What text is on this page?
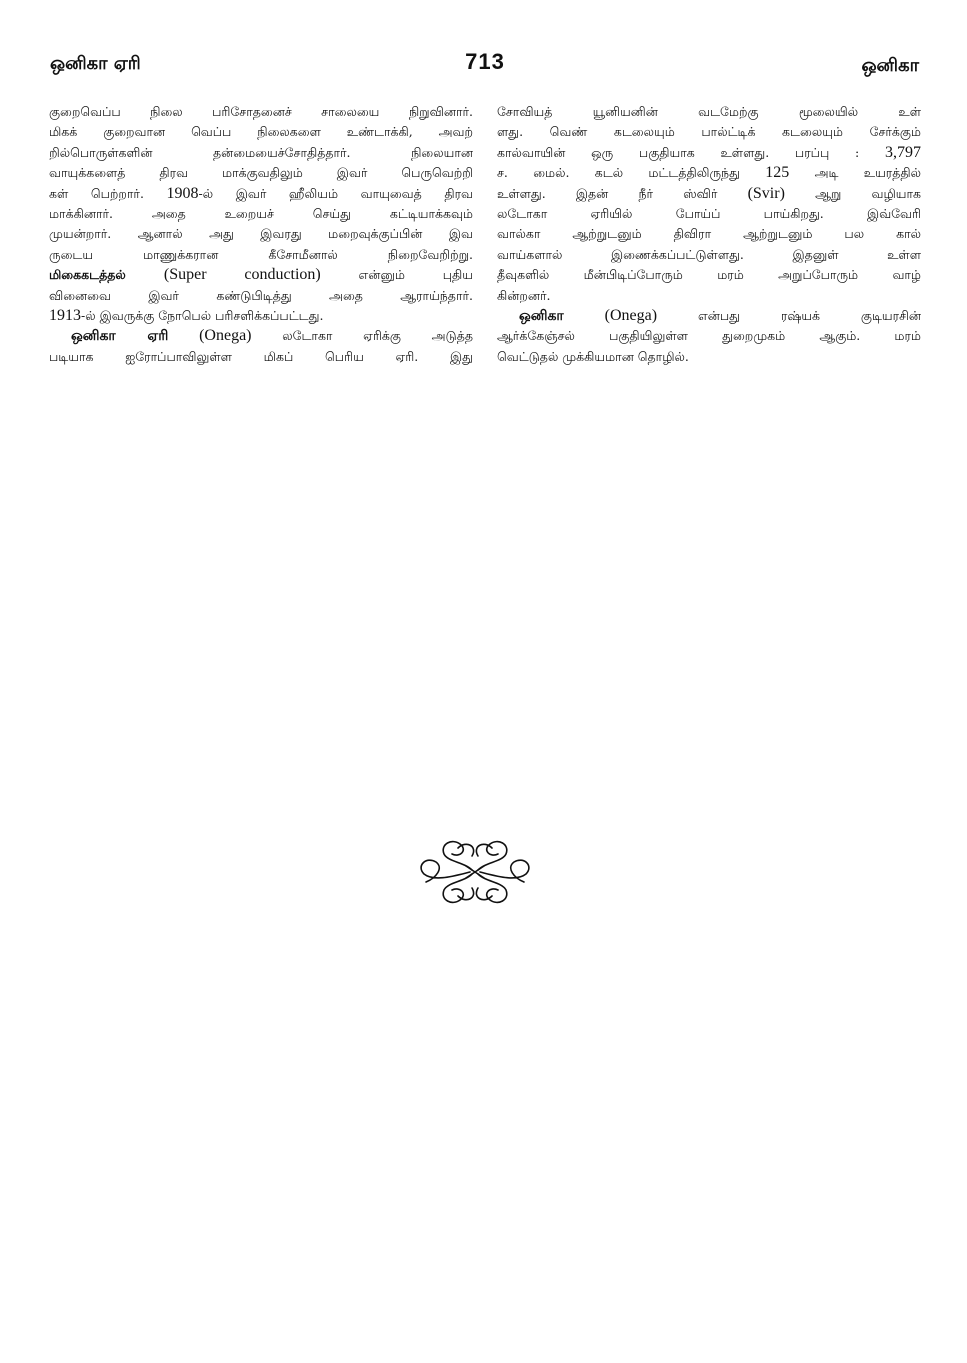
ஒனிகா ஏரி	713	ஒனிகா
குறைவெப்ப நிலை பரிசோதனைச் சாலையை நிறுவினார்.
மிகக் குறைவான வெப்ப நிலைகளை உண்டாக்கி, அவற்
றில்பொருள்களின் தன்மையைச்சோதித்தார். நிலையான
வாயுக்களைத் திரவ மாக்குவதிலும் இவர் பெருவெற்றி
கள் பெற்றார். 1908-ல் இவர் ஹீலியம் வாயுவைத் திரவ
மாக்கினார். அதை உறையச் செய்து கட்டியாக்கவும்
முயன்றார். ஆனால் அது இவரது மறைவுக்குப்பின் இவ
ருடைய மாணுக்கரான கீசோமீனால் நிறைவேறிற்று.
மிகைகடத்தல் (Super conduction) என்னும் புதிய
வினைவை இவர் கண்டுபிடித்து அதை ஆராய்ந்தார்.
1913-ல் இவருக்கு நோபெல் பரிசளிக்கப்பட்டது.
ஒனிகா ஏரி (Onega) லடோகா ஏரிக்கு அடுத்த
படியாக ஐரோப்பாவிலுள்ள மிகப் பெரிய ஏரி. இது
சோவியத் யூனியனின் வடமேற்கு மூலையில் உள்
ளது. வெண் கடலையும் பால்ட்டிக் கடலையும் சேர்க்கும்
கால்வாயின் ஒரு பகுதியாக உள்ளது. பரப்பு : 3,797
ச. மைல். கடல் மட்டத்திலிருந்து 125 அடி உயரத்தில்
உள்ளது. இதன் நீர் ஸ்விர் (Svir) ஆறு வழியாக
லடோகா ஏரியில் போய்ப் பாய்கிறது. இவ்வேரி
வால்கா ஆற்றுடனும் திவிரா ஆற்றுடனும் பல கால்
வாய்களால் இணைக்கப்பட்டுள்ளது. இதனுள் உள்ள
தீவுகளில் மீன்பிடிப்போரும் மரம் அறுப்போரும் வாழ்
கின்றனர்.
ஒனிகா (Onega) என்பது ரஷ்யக் குடியரசின்
ஆர்க்கேஞ்சல் பகுதியிலுள்ள துறைமுகம் ஆகும். மரம்
வெட்டுதல் முக்கியமான தொழில்.
